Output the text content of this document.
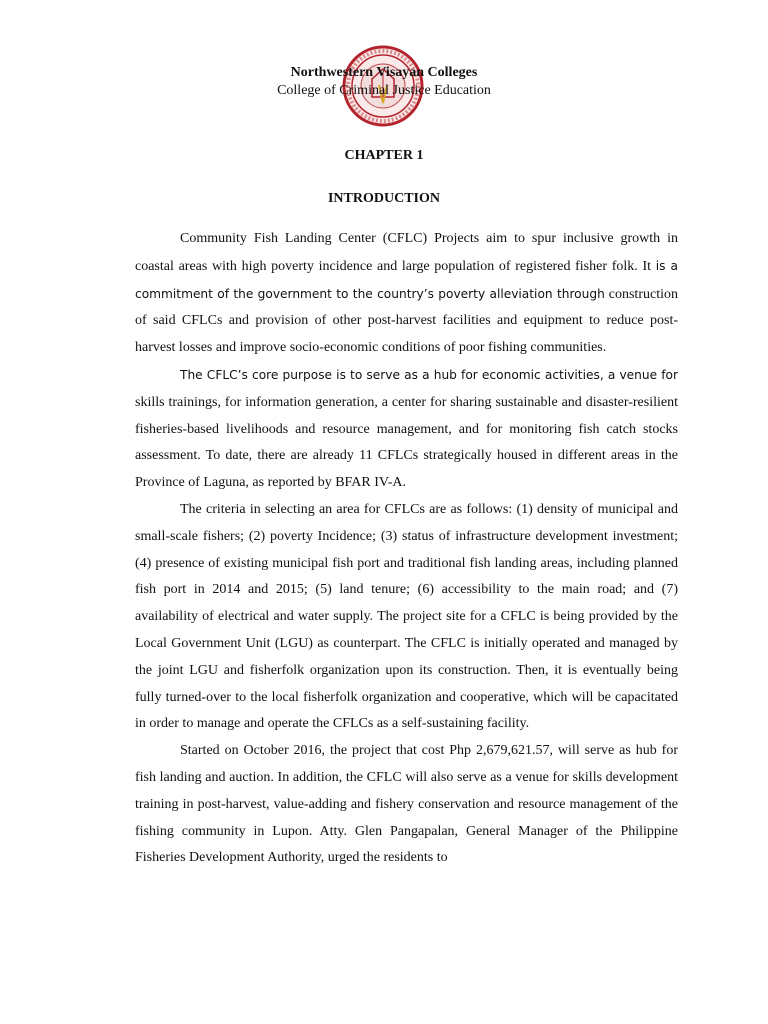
Northwestern Visayan Colleges
College of Criminal Justice Education
CHAPTER 1
INTRODUCTION

Community Fish Landing Center (CFLC) Projects aim to spur inclusive growth in coastal areas with high poverty incidence and large population of registered fisher folk. It is a commitment of the government to the country’s poverty alleviation through construction of said CFLCs and provision of other post-harvest facilities and equipment to reduce post-harvest losses and improve socio-economic conditions of poor fishing communities.

The CFLC’s core purpose is to serve as a hub for economic activities, a venue for skills trainings, for information generation, a center for sharing sustainable and disaster-resilient fisheries-based livelihoods and resource management, and for monitoring fish catch stocks assessment. To date, there are already 11 CFLCs strategically housed in different areas in the Province of Laguna, as reported by BFAR IV-A.

The criteria in selecting an area for CFLCs are as follows: (1) density of municipal and small-scale fishers; (2) poverty Incidence; (3) status of infrastructure development investment; (4) presence of existing municipal fish port and traditional fish landing areas, including planned fish port in 2014 and 2015; (5) land tenure; (6) accessibility to the main road; and (7) availability of electrical and water supply. The project site for a CFLC is being provided by the Local Government Unit (LGU) as counterpart. The CFLC is initially operated and managed by the joint LGU and fisherfolk organization upon its construction. Then, it is eventually being fully turned-over to the local fisherfolk organization and cooperative, which will be capacitated in order to manage and operate the CFLCs as a self-sustaining facility.

Started on October 2016, the project that cost Php 2,679,621.57, will serve as hub for fish landing and auction. In addition, the CFLC will also serve as a venue for skills development training in post-harvest, value-adding and fishery conservation and resource management of the fishing community in Lupon. Atty. Glen Pangapalan, General Manager of the Philippine Fisheries Development Authority, urged the residents to
